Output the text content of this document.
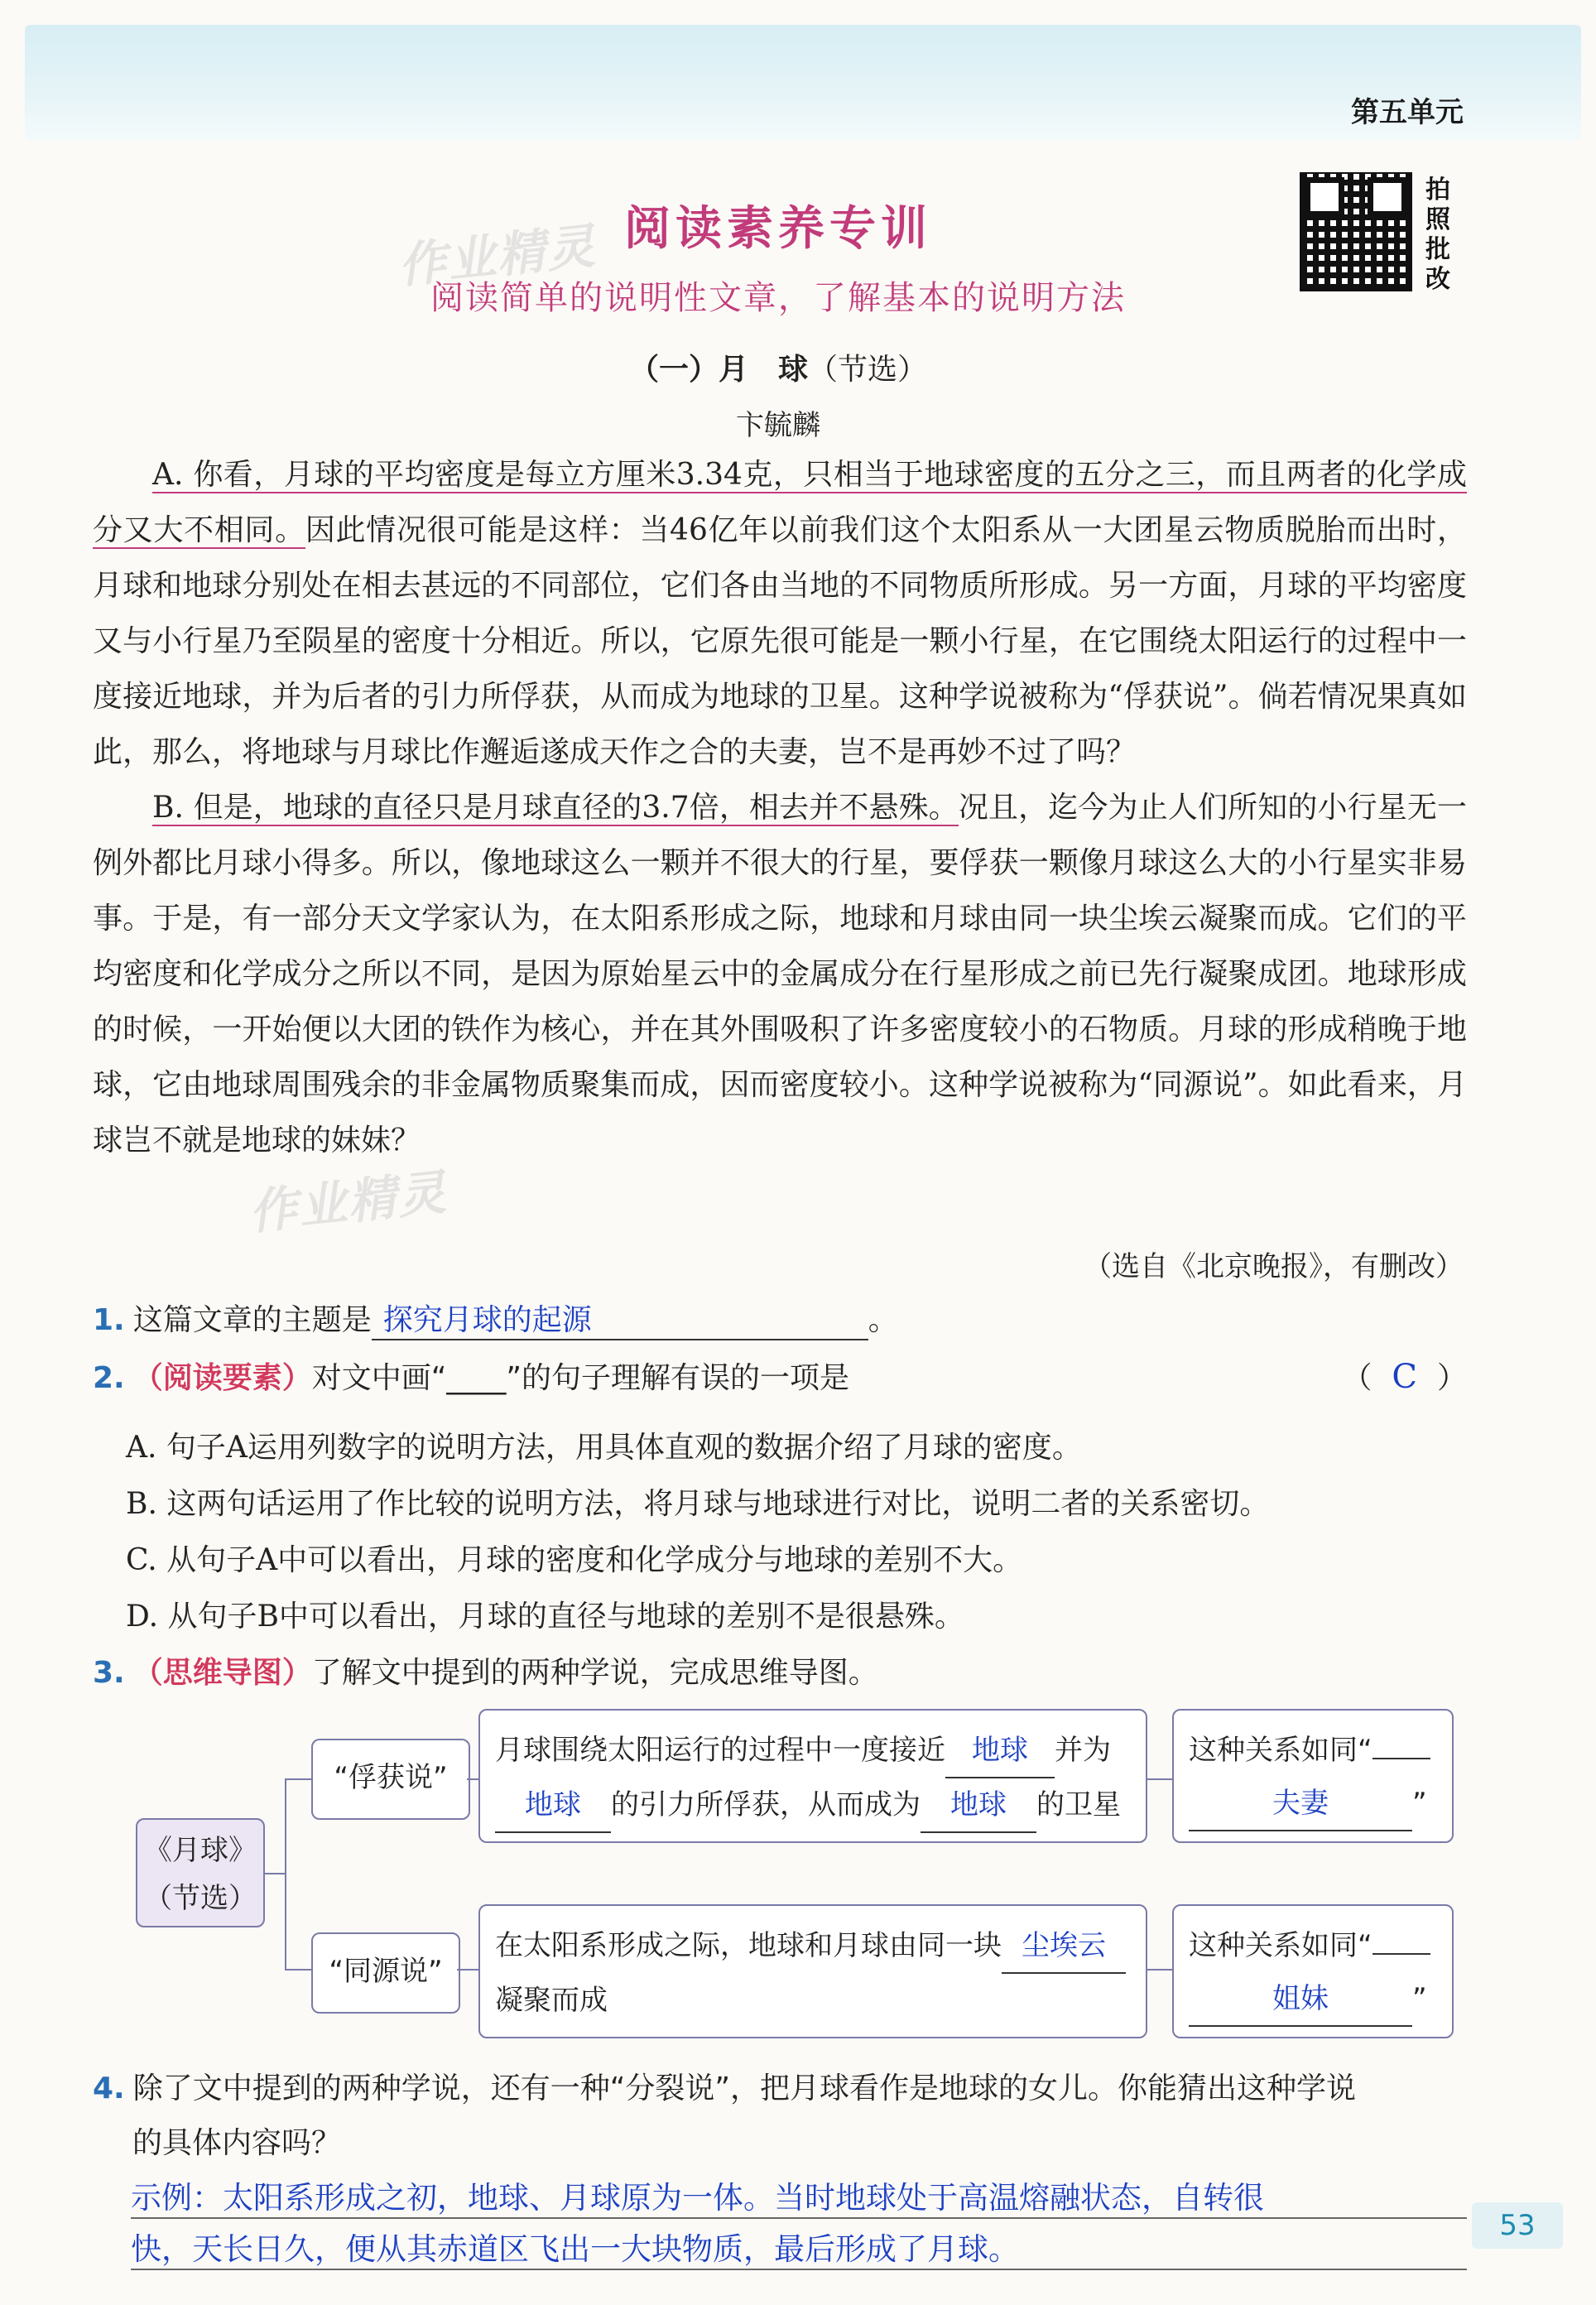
第五单元
作业精灵
作业精灵
阅读素养专训
阅读简单的说明性文章，了解基本的说明方法
拍
照
批
改
（一）月　球（节选）
卞毓麟

A. 你看，月球的平均密度是每立方厘米3.34克，只相当于地球密度的五分之三，而且两者的化学成分又大不相同。因此情况很可能是这样：当46亿年以前我们这个太阳系从一大团星云物质脱胎而出时，月球和地球分别处在相去甚远的不同部位，它们各由当地的不同物质所形成。另一方面，月球的平均密度又与小行星乃至陨星的密度十分相近。所以，它原先很可能是一颗小行星，在它围绕太阳运行的过程中一度接近地球，并为后者的引力所俘获，从而成为地球的卫星。这种学说被称为“俘获说”。倘若情况果真如此，那么，将地球与月球比作邂逅遂成天作之合的夫妻，岂不是再妙不过了吗？

B. 但是，地球的直径只是月球直径的3.7倍，相去并不悬殊。况且，迄今为止人们所知的小行星无一例外都比月球小得多。所以，像地球这么一颗并不很大的行星，要俘获一颗像月球这么大的小行星实非易事。于是，有一部分天文学家认为，在太阳系形成之际，地球和月球由同一块尘埃云凝聚而成。它们的平均密度和化学成分之所以不同，是因为原始星云中的金属成分在行星形成之前已先行凝聚成团。地球形成的时候，一开始便以大团的铁作为核心，并在其外围吸积了许多密度较小的石物质。月球的形成稍晚于地球，它由地球周围残余的非金属物质聚集而成，因而密度较小。这种学说被称为“同源说”。如此看来，月球岂不就是地球的妹妹？

（选自《北京晚报》，有删改）
1. 这篇文章的主题是 探究月球的起源	。
2. （阅读要素）对文中画“____”的句子理解有误的一项是	（ C ）
A. 句子A运用列数字的说明方法，用具体直观的数据介绍了月球的密度。
B. 这两句话运用了作比较的说明方法，将月球与地球进行对比，说明二者的关系密切。
C. 从句子A中可以看出，月球的密度和化学成分与地球的差别不大。
D. 从句子B中可以看出，月球的直径与地球的差别不是很悬殊。
3. （思维导图）了解文中提到的两种学说，完成思维导图。
《月球》
（节选）
“俘获说”
月球围绕太阳运行的过程中一度接近 地球 并为
地球 的引力所俘获，从而成为 地球 的卫星
这种关系如同“
夫妻	”
“同源说”
在太阳系形成之际，地球和月球由同一块 尘埃云
凝聚而成
这种关系如同“
姐妹	”
4. 除了文中提到的两种学说，还有一种“分裂说”，把月球看作是地球的女儿。你能猜出这种学说
的具体内容吗？
示例：太阳系形成之初，地球、月球原为一体。当时地球处于高温熔融状态，自转很
快，天长日久，便从其赤道区飞出一大块物质，最后形成了月球。
53
